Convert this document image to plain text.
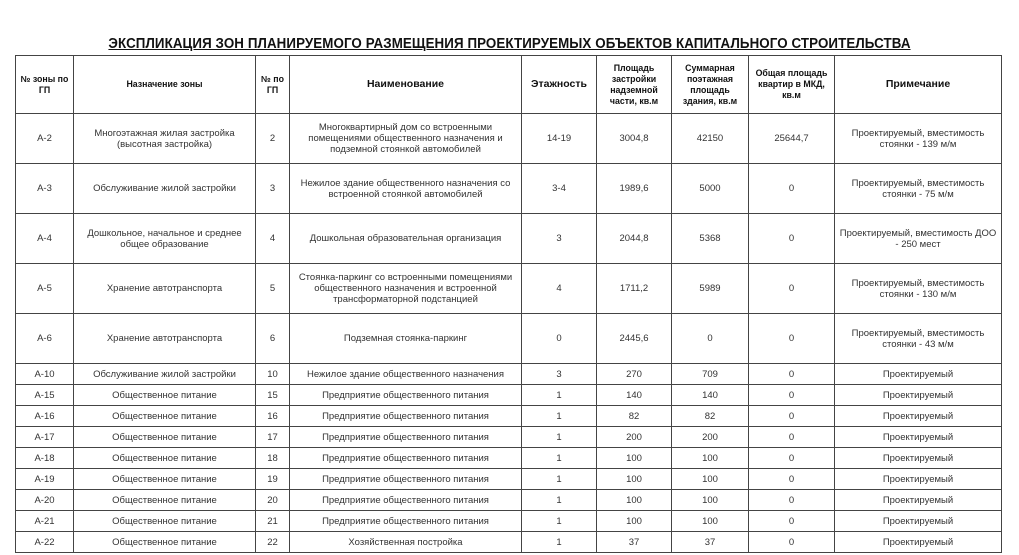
ЭКСПЛИКАЦИЯ ЗОН ПЛАНИРУЕМОГО РАЗМЕЩЕНИЯ ПРОЕКТИРУЕМЫХ ОБЪЕКТОВ КАПИТАЛЬНОГО СТРОИТЕЛЬСТВА
№ зоны по ГП	Назначение зоны	№ по ГП	Наименование	Этажность	Площадь застройки надземной части, кв.м	Суммарная поэтажная площадь здания, кв.м	Общая площадь квартир в МКД, кв.м	Примечание
А-2	Многоэтажная жилая застройка (высотная застройка)	2	Многоквартирный дом со встроенными помещениями общественного назначения и подземной стоянкой автомобилей	14-19	3004,8	42150	25644,7	Проектируемый, вместимость стоянки - 139 м/м
А-3	Обслуживание жилой застройки	3	Нежилое здание общественного назначения со встроенной стоянкой автомобилей	3-4	1989,6	5000	0	Проектируемый, вместимость стоянки - 75 м/м
А-4	Дошкольное, начальное и среднее общее образование	4	Дошкольная образовательная организация	3	2044,8	5368	0	Проектируемый, вместимость ДОО - 250 мест
А-5	Хранение автотранспорта	5	Стоянка-паркинг со встроенными помещениями общественного назначения и встроенной трансформаторной подстанцией	4	1711,2	5989	0	Проектируемый, вместимость стоянки - 130 м/м
А-6	Хранение автотранспорта	6	Подземная стоянка-паркинг	0	2445,6	0	0	Проектируемый, вместимость стоянки - 43 м/м
А-10	Обслуживание жилой застройки	10	Нежилое здание общественного назначения	3	270	709	0	Проектируемый
А-15	Общественное питание	15	Предприятие общественного питания	1	140	140	0	Проектируемый
А-16	Общественное питание	16	Предприятие общественного питания	1	82	82	0	Проектируемый
А-17	Общественное питание	17	Предприятие общественного питания	1	200	200	0	Проектируемый
А-18	Общественное питание	18	Предприятие общественного питания	1	100	100	0	Проектируемый
А-19	Общественное питание	19	Предприятие общественного питания	1	100	100	0	Проектируемый
А-20	Общественное питание	20	Предприятие общественного питания	1	100	100	0	Проектируемый
А-21	Общественное питание	21	Предприятие общественного питания	1	100	100	0	Проектируемый
А-22	Общественное питание	22	Хозяйственная постройка	1	37	37	0	Проектируемый
